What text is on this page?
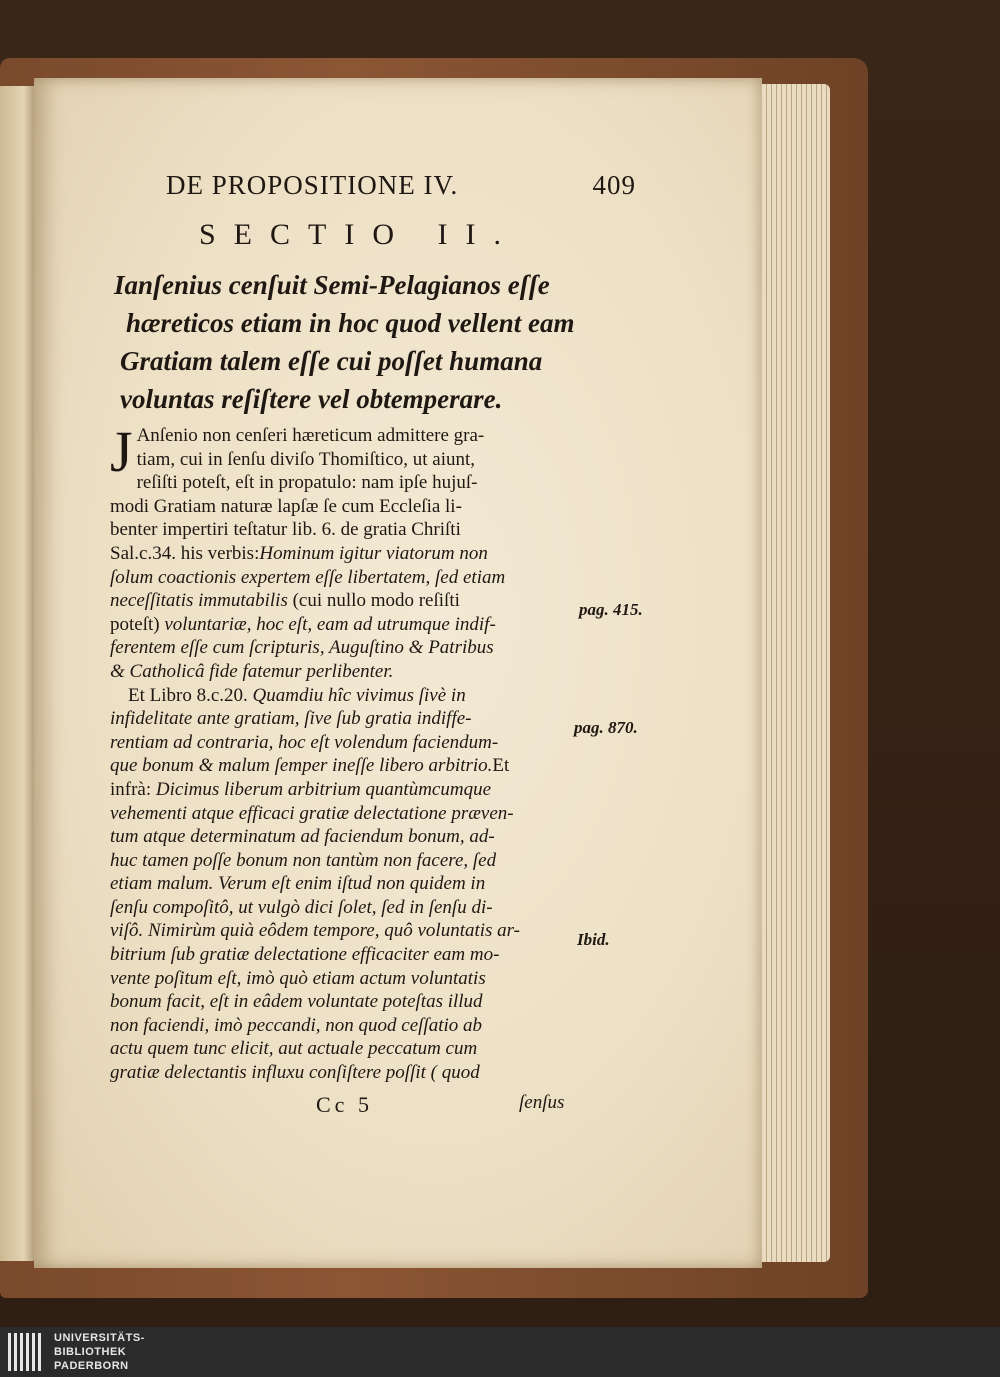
DE PROPOSITIONE IV.	409
SECTIO II.
Ianſenius cenſuit Semi-Pelagianos eſſe
hæreticos etiam in hoc quod vellent eam
Gratiam talem eſſe cui poſſet humana
voluntas reſiſtere vel obtemperare.
J Anſenio non cenſeri hæreticum admittere gra-
tiam, cui in ſenſu diviſo Thomiſtico, ut aiunt,
reſiſti poteſt, eſt in propatulo: nam ipſe hujuſ-
modi Gratiam naturæ lapſæ ſe cum Eccleſia li-
benter impertiri teſtatur lib. 6. de gratia Chriſti
Sal.c.34. his verbis:Hominum igitur viatorum non
ſolum coactionis expertem eſſe libertatem, ſed etiam
neceſſitatis immutabilis (cui nullo modo reſiſti
poteſt) voluntariæ, hoc eſt, eam ad utrumque indif-
ferentem eſſe cum ſcripturis, Auguſtino & Patribus
& Catholicâ fide fatemur perlibenter.
Et Libro 8.c.20. Quamdiu hîc vivimus ſivè in
infidelitate ante gratiam, ſive ſub gratia indiffe-
rentiam ad contraria, hoc eſt volendum faciendum-
que bonum & malum ſemper ineſſe libero arbitrio.Et
infrà: Dicimus liberum arbitrium quantùmcumque
vehementi atque efficaci gratiæ delectatione præven-
tum atque determinatum ad faciendum bonum, ad-
huc tamen poſſe bonum non tantùm non facere, ſed
etiam malum. Verum eſt enim iſtud non quidem in
ſenſu compoſitô, ut vulgò dici ſolet, ſed in ſenſu di-
viſô. Nimirùm quià eôdem tempore, quô voluntatis ar-
bitrium ſub gratiæ delectatione efficaciter eam mo-
vente poſitum eſt, imò quò etiam actum voluntatis
bonum facit, eſt in eâdem voluntate poteſtas illud
non faciendi, imò peccandi, non quod ceſſatio ab
actu quem tunc elicit, aut actuale peccatum cum
gratiæ delectantis influxu conſiſtere poſſit ( quod
pag. 415.
pag. 870.
Ibid.
Cc 5	ſenſus
UNIVERSITÄTS-
BIBLIOTHEK
PADERBORN
